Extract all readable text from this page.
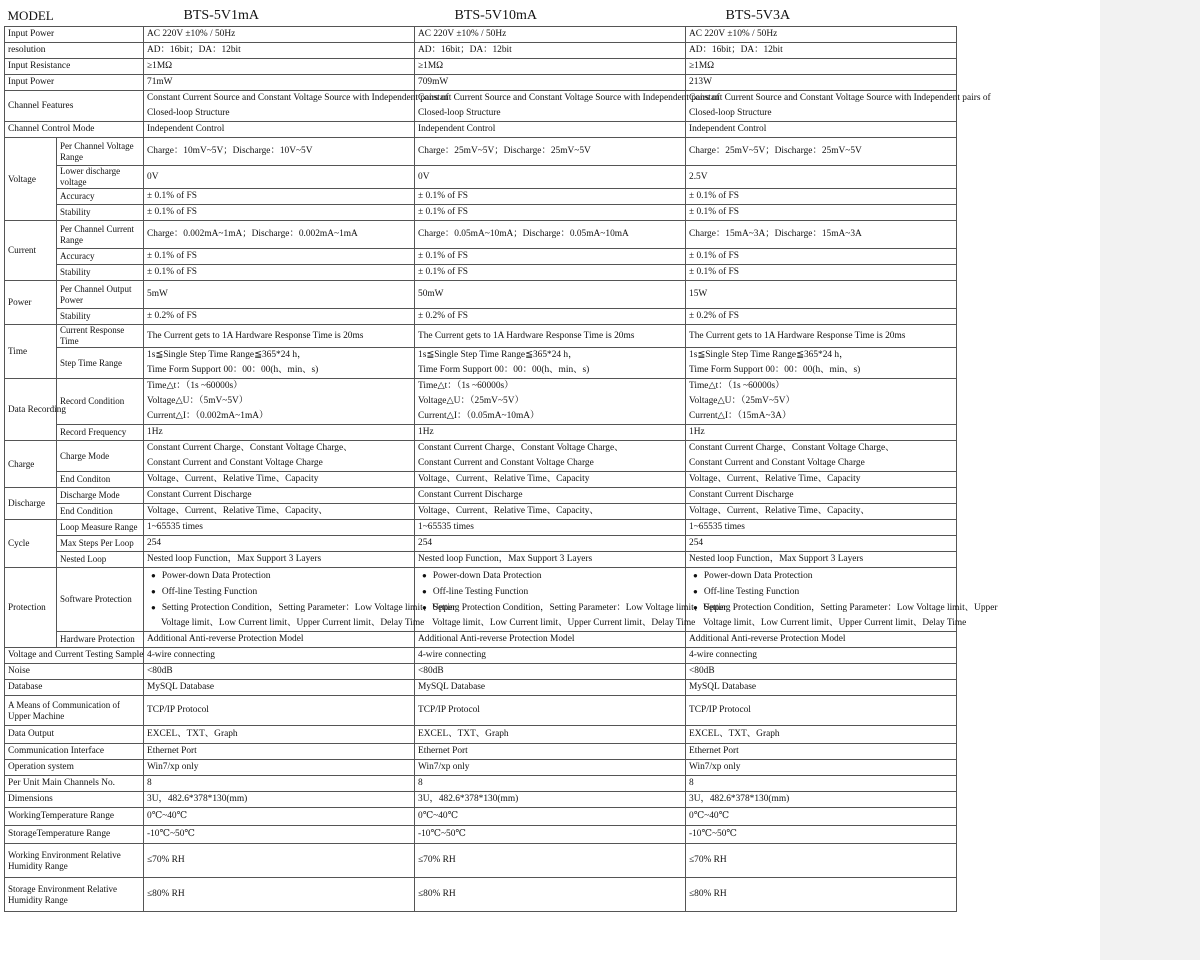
MODEL		BTS-5V1mA	BTS-5V10mA	BTS-5V3A
Input Power		AC 220V ±10% / 50Hz	AC 220V ±10% / 50Hz	AC 220V ±10% / 50Hz

resolution		AD：16bit；DA：12bit	AD：16bit；DA：12bit	AD：16bit；DA：12bit

Input Resistance		≥1MΩ	≥1MΩ	≥1MΩ

Input Power		71mW	709mW	213W

Channel Features		Constant Current Source and Constant Voltage Source with Independent pairs of
Closed-loop Structure	Constant Current Source and Constant Voltage Source with Independent pairs of
Closed-loop Structure	Constant Current Source and Constant Voltage Source with Independent pairs of
Closed-loop Structure

Channel Control Mode		Independent Control	Independent Control	Independent Control

Voltage	Per Channel Voltage Range	Charge：10mV~5V；Discharge：10V~5V	Charge：25mV~5V；Discharge：25mV~5V	Charge：25mV~5V；Discharge：25mV~5V

	Lower discharge voltage	0V	0V	2.5V

	Accuracy	± 0.1% of FS	± 0.1% of FS	± 0.1% of FS

	Stability	± 0.1% of FS	± 0.1% of FS	± 0.1% of FS

Current	Per Channel Current Range	Charge：0.002mA~1mA；Discharge：0.002mA~1mA	Charge：0.05mA~10mA；Discharge：0.05mA~10mA	Charge：15mA~3A；Discharge：15mA~3A

	Accuracy	± 0.1% of FS	± 0.1% of FS	± 0.1% of FS

	Stability	± 0.1% of FS	± 0.1% of FS	± 0.1% of FS

Power	Per Channel Output Power	5mW	50mW	15W

	Stability	± 0.2% of FS	± 0.2% of FS	± 0.2% of FS

Time	Current Response Time	The Current gets to 1A Hardware Response Time is 20ms	The Current gets to 1A Hardware Response Time is 20ms	The Current gets to 1A Hardware Response Time is 20ms

	Step Time Range	1s≦Single Step Time Range≦365*24 h，
Time Form Support 00：00：00(h、min、s)	1s≦Single Step Time Range≦365*24 h，
Time Form Support 00：00：00(h、min、s)	1s≦Single Step Time Range≦365*24 h，
Time Form Support 00：00：00(h、min、s)

Data Recording	Record Condition	Time△t：（1s ~60000s）
Voltage△U：（5mV~5V）
Current△I：（0.002mA~1mA）	Time△t：（1s ~60000s）
Voltage△U：（25mV~5V）
Current△I：（0.05mA~10mA）	Time△t：（1s ~60000s）
Voltage△U：（25mV~5V）
Current△I：（15mA~3A）

	Record Frequency	1Hz	1Hz	1Hz

Charge	Charge Mode	Constant Current Charge、Constant Voltage Charge、
Constant Current and Constant Voltage Charge	Constant Current Charge、Constant Voltage Charge、
Constant Current and Constant Voltage Charge	Constant Current Charge、Constant Voltage Charge、
Constant Current and Constant Voltage Charge

	End Conditon	Voltage、Current、Relative Time、Capacity	Voltage、Current、Relative Time、Capacity	Voltage、Current、Relative Time、Capacity

Discharge	Discharge Mode	Constant Current Discharge	Constant Current Discharge	Constant Current Discharge

	End Condition	Voltage、Current、Relative Time、Capacity、	Voltage、Current、Relative Time、Capacity、	Voltage、Current、Relative Time、Capacity、

Cycle	Loop Measure Range	1~65535 times	1~65535 times	1~65535 times

	Max Steps Per Loop	254	254	254

	Nested Loop	Nested loop Function，Max Support 3 Layers	Nested loop Function，Max Support 3 Layers	Nested loop Function，Max Support 3 Layers

Protection	Software Protection	● Power-down Data Protection
● Off-line Testing Function
● Setting Protection Condition，Setting Parameter：Low Voltage limit、Upper
Voltage limit、Low Current limit、Upper Current limit、Delay Time	● Power-down Data Protection
● Off-line Testing Function
● Setting Protection Condition，Setting Parameter：Low Voltage limit、Upper
Voltage limit、Low Current limit、Upper Current limit、Delay Time	● Power-down Data Protection
● Off-line Testing Function
● Setting Protection Condition，Setting Parameter：Low Voltage limit、Upper
Voltage limit、Low Current limit、Upper Current limit、Delay Time

	Hardware Protection	Additional Anti-reverse Protection Model	Additional Anti-reverse Protection Model	Additional Anti-reverse Protection Model

Voltage and Current Testing Sample		4-wire connecting	4-wire connecting	4-wire connecting

Noise		<80dB	<80dB	<80dB

Database		MySQL Database	MySQL Database	MySQL Database

A Means of Communication of Upper Machine		TCP/IP Protocol	TCP/IP Protocol	TCP/IP Protocol

Data Output		EXCEL、TXT、Graph	EXCEL、TXT、Graph	EXCEL、TXT、Graph

Communication Interface		Ethernet Port	Ethernet Port	Ethernet Port

Operation system		Win7/xp only	Win7/xp only	Win7/xp only

Per Unit Main Channels No.		8	8	8

Dimensions		3U，482.6*378*130(mm)	3U，482.6*378*130(mm)	3U，482.6*378*130(mm)

WorkingTemperature Range		0℃~40℃	0℃~40℃	0℃~40℃

StorageTemperature Range		-10℃~50℃	-10℃~50℃	-10℃~50℃

Working Environment Relative Humidity Range		≤70% RH	≤70% RH	≤70% RH

Storage Environment Relative Humidity Range		≤80% RH	≤80% RH	≤80% RH
